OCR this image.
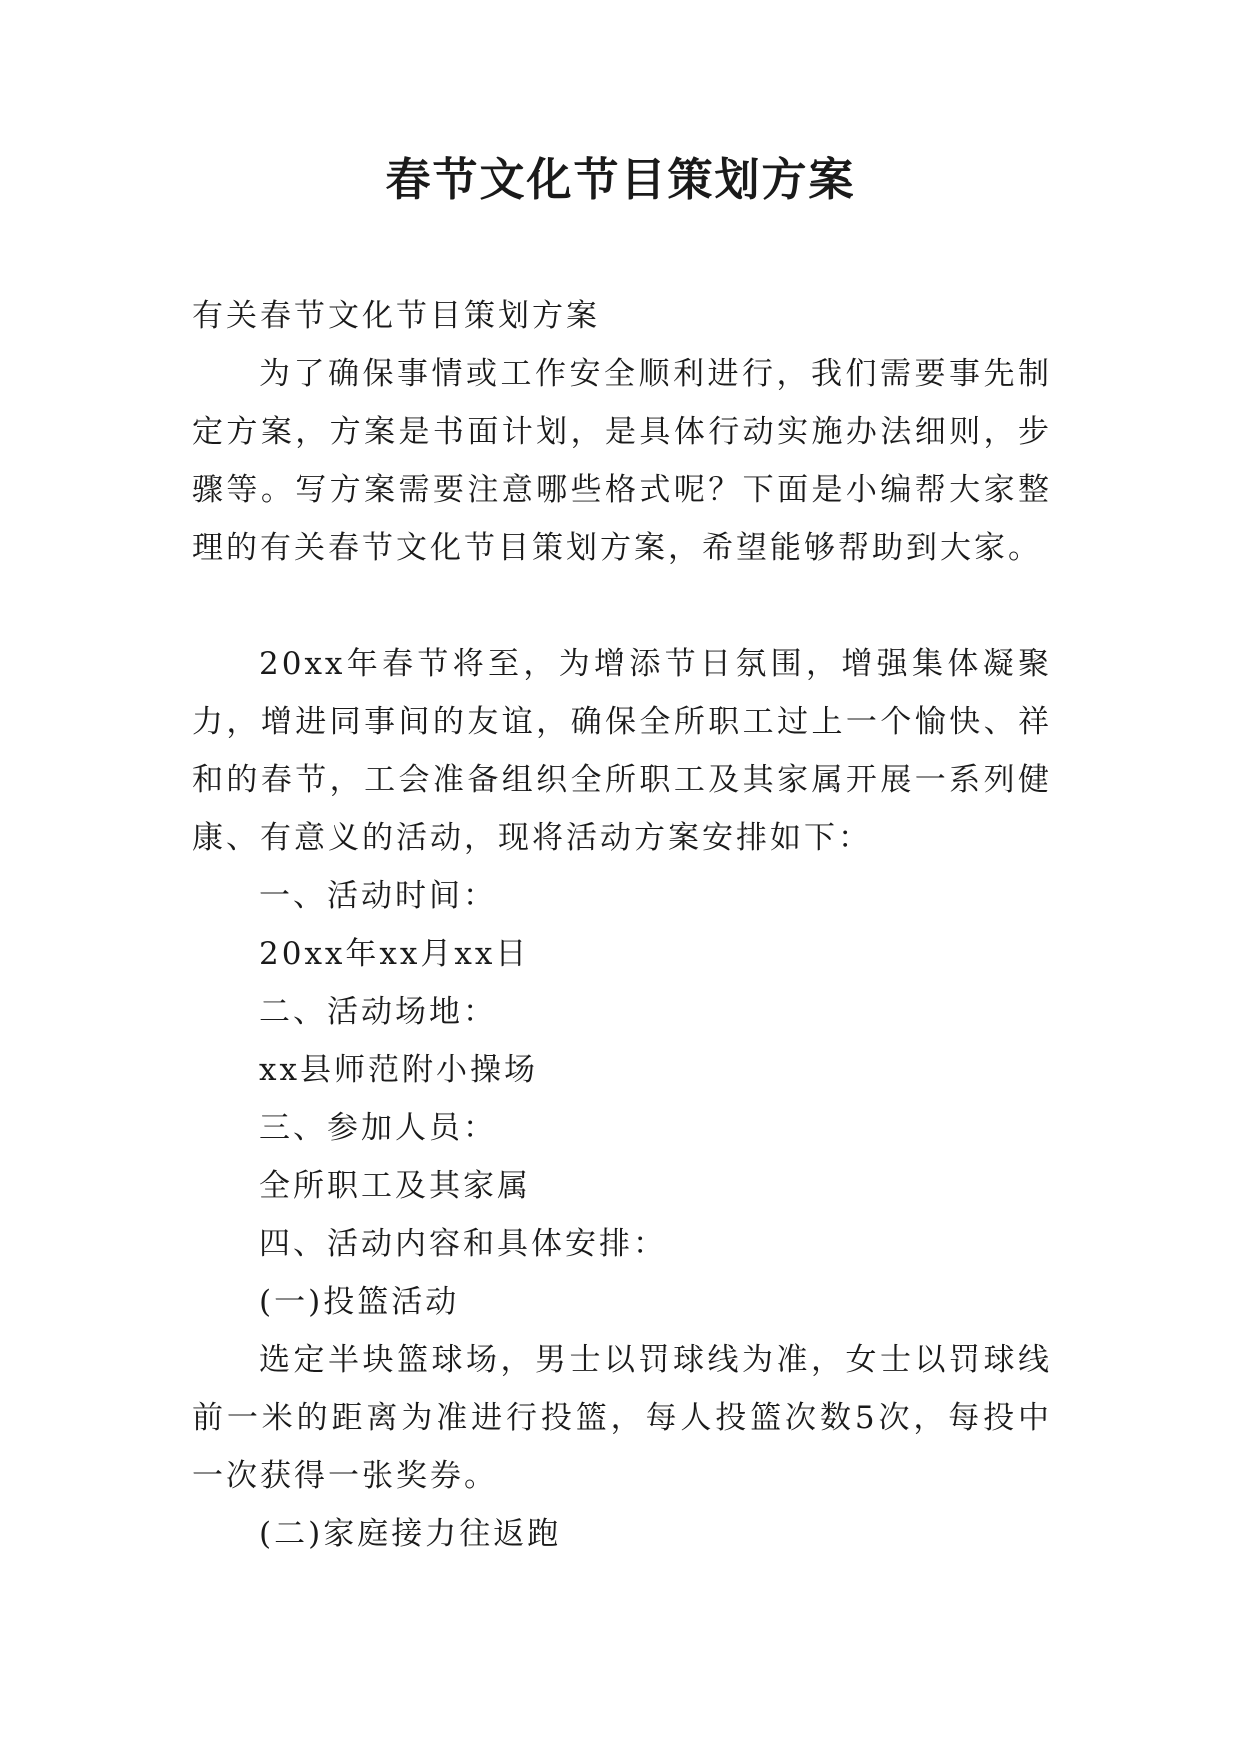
春节文化节目策划方案

有关春节文化节目策划方案

为了确保事情或工作安全顺利进行，我们需要事先制定方案，方案是书面计划，是具体行动实施办法细则，步骤等。写方案需要注意哪些格式呢？下面是小编帮大家整理的有关春节文化节目策划方案，希望能够帮助到大家。

20xx年春节将至，为增添节日氛围，增强集体凝聚力，增进同事间的友谊，确保全所职工过上一个愉快、祥和的春节，工会准备组织全所职工及其家属开展一系列健康、有意义的活动，现将活动方案安排如下：

一、活动时间：

20xx年xx月xx日

二、活动场地：

xx县师范附小操场

三、参加人员：

全所职工及其家属

四、活动内容和具体安排：

(一)投篮活动

选定半块篮球场，男士以罚球线为准，女士以罚球线前一米的距离为准进行投篮，每人投篮次数5次，每投中一次获得一张奖券。

(二)家庭接力往返跑
